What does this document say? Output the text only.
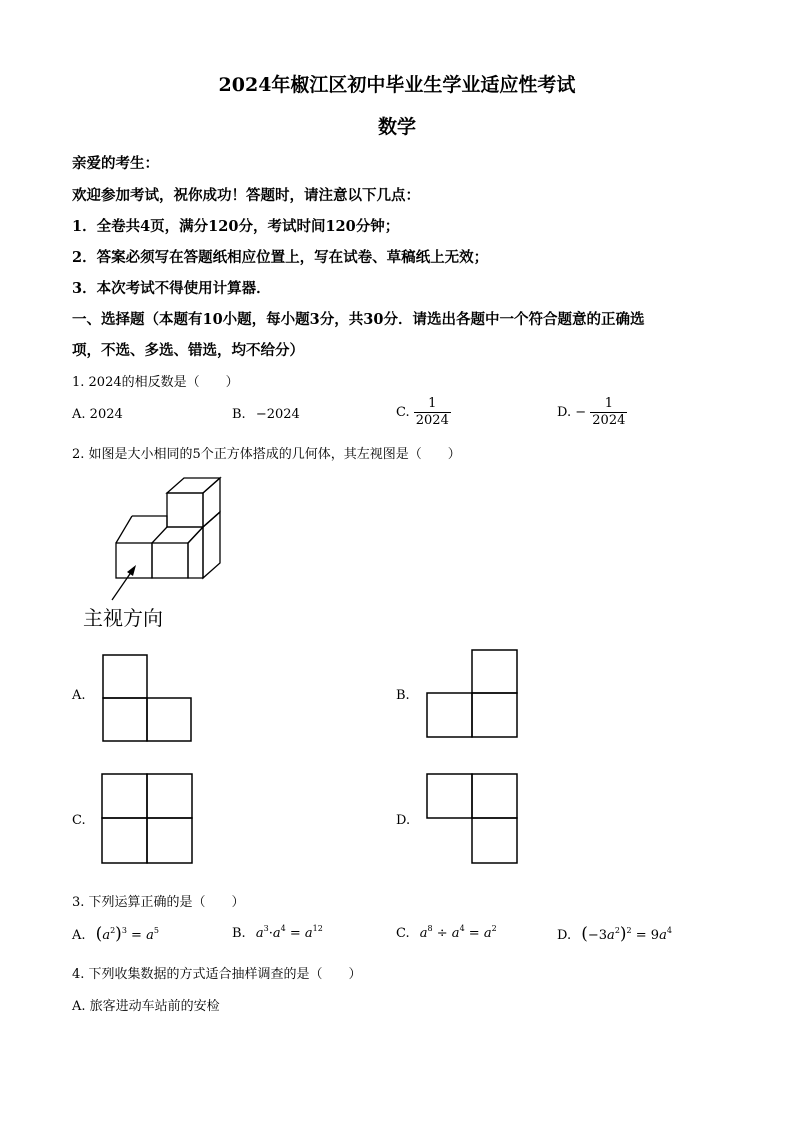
2024年椒江区初中毕业生学业适应性考试
数学
亲爱的考生：
欢迎参加考试，祝你成功！答题时，请注意以下几点：
1．全卷共4页，满分120分，考试时间120分钟；
2．答案必须写在答题纸相应位置上，写在试卷、草稿纸上无效；
3．本次考试不得使用计算器．
一、选择题（本题有10小题，每小题3分，共30分．请选出各题中一个符合题意的正确选
项，不选、多选、错选，均不给分）
1. 2024的相反数是（　　）
A. 2024	B. −2024	C. $\frac{1}{2024}$	D. − $\frac{1}{2024}$
2. 如图是大小相同的5个正方体搭成的几何体，其左视图是（　　）
主视方向
A.	B.
C.	D.
3. 下列运算正确的是（　　）
A. $(a^2)^3 = a^5$	B. $a^3\cdot a^4 = a^{12}$	C. $a^8 \div a^4 = a^2$	D. $(-3a^2)^2 = 9a^4$
4. 下列收集数据的方式适合抽样调查的是（　　）
A. 旅客进动车站前的安检
